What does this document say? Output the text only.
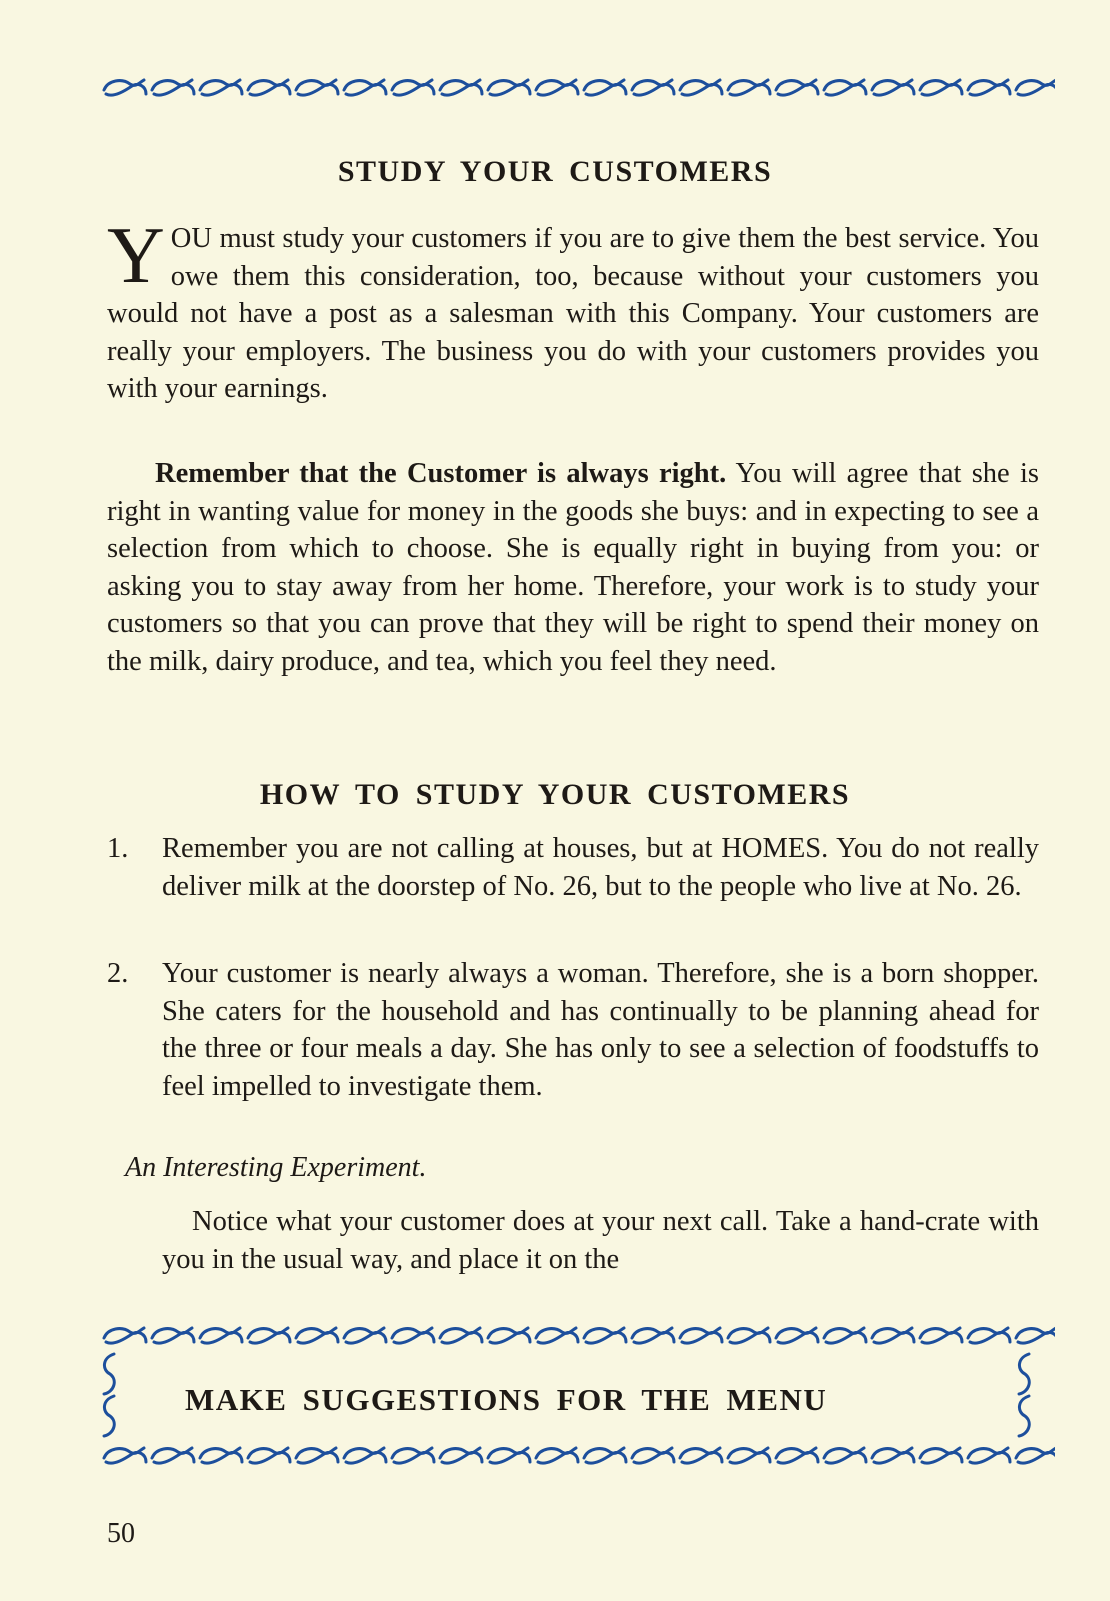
STUDY YOUR CUSTOMERS
YOU must study your customers if you are to give them the best service. You owe them this consideration, too, because without your customers you would not have a post as a salesman with this Company. Your customers are really your employers. The business you do with your customers provides you with your earnings.

Remember that the Customer is always right. You will agree that she is right in wanting value for money in the goods she buys: and in expecting to see a selection from which to choose. She is equally right in buying from you: or asking you to stay away from her home. Therefore, your work is to study your customers so that you can prove that they will be right to spend their money on the milk, dairy produce, and tea, which you feel they need.

HOW TO STUDY YOUR CUSTOMERS
1. Remember you are not calling at houses, but at HOMES. You do not really deliver milk at the doorstep of No. 26, but to the people who live at No. 26.
2. Your customer is nearly always a woman. Therefore, she is a born shopper. She caters for the household and has continually to be planning ahead for the three or four meals a day. She has only to see a selection of foodstuffs to feel impelled to investigate them.
An Interesting Experiment.

Notice what your customer does at your next call. Take a hand-crate with you in the usual way, and place it on the

MAKE SUGGESTIONS FOR THE MENU
50
